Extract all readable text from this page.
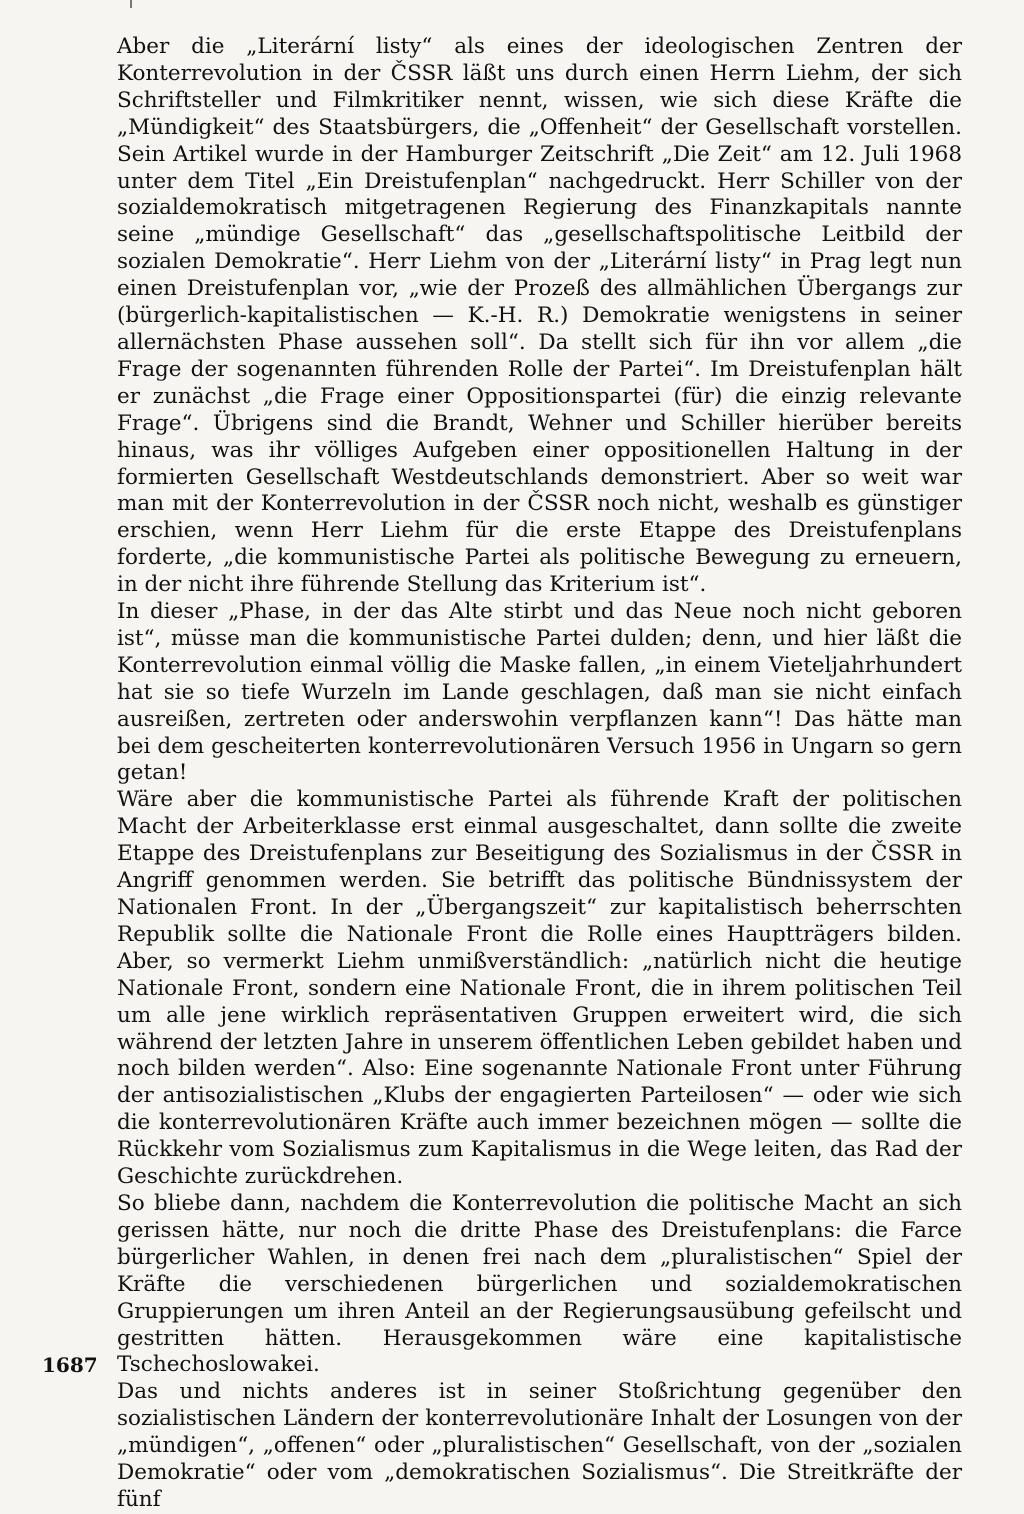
Aber die „Literární listy“ als eines der ideologischen Zentren der Konterrevolution in der ČSSR läßt uns durch einen Herrn Liehm, der sich Schriftsteller und Filmkritiker nennt, wissen, wie sich diese Kräfte die „Mündigkeit“ des Staatsbürgers, die „Offenheit“ der Gesellschaft vorstellen. Sein Artikel wurde in der Hamburger Zeitschrift „Die Zeit“ am 12. Juli 1968 unter dem Titel „Ein Dreistufenplan“ nachgedruckt. Herr Schiller von der sozialdemokratisch mitgetragenen Regierung des Finanzkapitals nannte seine „mündige Gesellschaft“ das „gesellschaftspolitische Leitbild der sozialen Demokratie“. Herr Liehm von der „Literární listy“ in Prag legt nun einen Dreistufenplan vor, „wie der Prozeß des allmählichen Übergangs zur (bürgerlich-kapitalistischen — K.-H. R.) Demokratie wenigstens in seiner allernächsten Phase aussehen soll“. Da stellt sich für ihn vor allem „die Frage der sogenannten führenden Rolle der Partei“. Im Dreistufenplan hält er zunächst „die Frage einer Oppositionspartei (für) die einzig relevante Frage“. Übrigens sind die Brandt, Wehner und Schiller hierüber bereits hinaus, was ihr völliges Aufgeben einer oppositionellen Haltung in der formierten Gesellschaft Westdeutschlands demonstriert. Aber so weit war man mit der Konterrevolution in der ČSSR noch nicht, weshalb es günstiger erschien, wenn Herr Liehm für die erste Etappe des Dreistufenplans forderte, „die kommunistische Partei als politische Bewegung zu erneuern, in der nicht ihre führende Stellung das Kriterium ist“.

In dieser „Phase, in der das Alte stirbt und das Neue noch nicht geboren ist“, müsse man die kommunistische Partei dulden; denn, und hier läßt die Konterrevolution einmal völlig die Maske fallen, „in einem Vieteljahrhundert hat sie so tiefe Wurzeln im Lande geschlagen, daß man sie nicht einfach ausreißen, zertreten oder anderswohin verpflanzen kann“! Das hätte man bei dem gescheiterten konterrevolutionären Versuch 1956 in Ungarn so gern getan!

Wäre aber die kommunistische Partei als führende Kraft der politischen Macht der Arbeiterklasse erst einmal ausgeschaltet, dann sollte die zweite Etappe des Dreistufenplans zur Beseitigung des Sozialismus in der ČSSR in Angriff genommen werden. Sie betrifft das politische Bündnissystem der Nationalen Front. In der „Übergangszeit“ zur kapitalistisch beherrschten Republik sollte die Nationale Front die Rolle eines Hauptträgers bilden. Aber, so vermerkt Liehm unmißverständlich: „natürlich nicht die heutige Nationale Front, sondern eine Nationale Front, die in ihrem politischen Teil um alle jene wirklich repräsentativen Gruppen erweitert wird, die sich während der letzten Jahre in unserem öffentlichen Leben gebildet haben und noch bilden werden“. Also: Eine sogenannte Nationale Front unter Führung der antisozialistischen „Klubs der engagierten Parteilosen“ — oder wie sich die konterrevolutionären Kräfte auch immer bezeichnen mögen — sollte die Rückkehr vom Sozialismus zum Kapitalismus in die Wege leiten, das Rad der Geschichte zurückdrehen.

So bliebe dann, nachdem die Konterrevolution die politische Macht an sich gerissen hätte, nur noch die dritte Phase des Dreistufenplans: die Farce bürgerlicher Wahlen, in denen frei nach dem „pluralistischen“ Spiel der Kräfte die verschiedenen bürgerlichen und sozialdemokratischen Gruppierungen um ihren Anteil an der Regierungsausübung gefeilscht und gestritten hätten. Herausgekommen wäre eine kapitalistische Tschechoslowakei.

Das und nichts anderes ist in seiner Stoßrichtung gegenüber den sozialistischen Ländern der konterrevolutionäre Inhalt der Losungen von der „mündigen“, „offenen“ oder „pluralistischen“ Gesellschaft, von der „sozialen Demokratie“ oder vom „demokratischen Sozialismus“. Die Streitkräfte der fünf

1687
